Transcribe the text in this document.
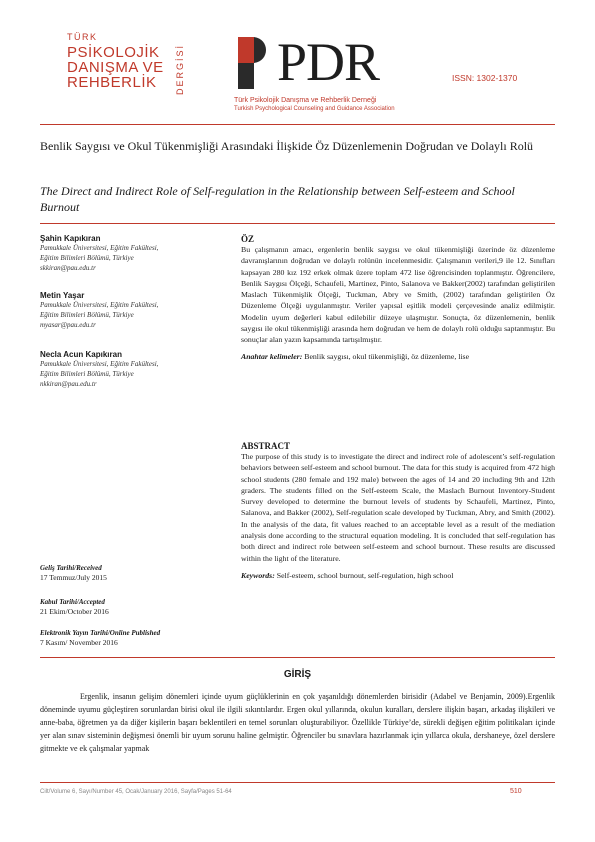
TÜRK
PSİKOLOJİK
DANIŞMA VE
REHBERLİK	DERGİSİ PDR
Türk Psikolojik Danışma ve Rehberlik Derneği
Turkish Psychological Counseling and Guidance Association
ISSN: 1302-1370
Benlik Saygısı ve Okul Tükenmişliği Arasındaki İlişkide Öz Düzenlemenin Doğrudan ve Dolaylı Rolü
The Direct and Indirect Role of Self-regulation in the Relationship between Self-esteem and School Burnout
Şahin Kapıkıran
Pamukkale Üniversitesi, Eğitim Fakültesi,
Eğitim Bilimleri Bölümü, Türkiye
skkiran@pau.edu.tr
Metin Yaşar
Pamukkale Üniversitesi, Eğitim Fakültesi,
Eğitim Bilimleri Bölümü, Türkiye
myasar@pau.edu.tr
Necla Acun Kapıkıran
Pamukkale Üniversitesi, Eğitim Fakültesi,
Eğitim Bilimleri Bölümü, Türkiye
nkkiran@pau.edu.tr
Geliş Tarihi/Received
17 Temmuz/July 2015
Kabul Tarihi/Accepted
21 Ekim/October 2016
Elektronik Yayın Tarihi/Online Published
7 Kasım/ November 2016
ÖZ
Bu çalışmanın amacı, ergenlerin benlik saygısı ve okul tükenmişliği üzerinde öz düzenleme davranışlarının doğrudan ve dolaylı rolünün incelenmesidir. Çalışmanın verileri,9 ile 12. Sınıfları kapsayan 280 kız 192 erkek olmak üzere toplam 472 lise öğrencisinden toplanmıştır. Öğrencilere, Benlik Saygısı Ölçeği, Schaufeli, Martinez, Pinto, Salanova ve Bakker(2002) tarafından geliştirilen Maslach Tükenmişlik Ölçeği, Tuckman, Abry ve Smith, (2002) tarafından geliştirilen Öz Düzenleme Ölçeği uygulanmıştır. Veriler yapısal eşitlik modeli çerçevesinde analiz edilmiştir. Modelin uyum değerleri kabul edilebilir düzeye ulaşmıştır. Sonuçta, öz düzenlemenin, benlik saygısı ile okul tükenmişliği arasında hem doğrudan ve hem de dolaylı rolü olduğu saptanmıştır. Bu sonuçlar alan yazın kapsamında tartışılmıştır.
Anahtar kelimeler: Benlik saygısı, okul tükenmişliği, öz düzenleme, lise
ABSTRACT
The purpose of this study is to investigate the direct and indirect role of adolescent’s self-regulation behaviors between self-esteem and school burnout. The data for this study is acquired from 472 high school students (280 female and 192 male) between the ages of 14 and 20 including 9th and 12th graders. The students filled on the Self-esteem Scale, the Maslach Burnout Inventory-Student Survey developed to determine the burnout levels of students by Schaufeli, Martinez, Pinto, Salanova, and Bakker (2002), Self-regulation scale developed by Tuckman, Abry, and Smith (2002). In the analysis of the data, fit values reached to an acceptable level as a result of the mediation analysis done according to the structural equation modeling. It is concluded that self-regulation has both direct and indirect role between self-esteem and school burnout. These results are discussed within the light of the literature.
Keywords: Self-esteem, school burnout, self-regulation, high school
GİRİŞ
Ergenlik, insanın gelişim dönemleri içinde uyum güçlüklerinin en çok yaşanıldığı dönemlerden birisidir (Adabel ve Benjamin, 2009).Ergenlik döneminde uyumu güçleştiren sorunlardan birisi okul ile ilgili sıkıntılardır. Ergen okul yıllarında, okulun kuralları, derslere ilişkin başarı, arkadaş ilişkileri ve anne-baba, öğretmen ya da diğer kişilerin başarı beklentileri en temel sorunları oluşturabiliyor. Özellikle Türkiye’de, sürekli değişen eğitim politikaları içinde yer alan sınav sisteminin değişmesi önemli bir uyum sorunu haline gelmiştir. Öğrenciler bu sınavlara hazırlanmak için yıllarca okula, dershaneye, özel derslere gitmekte ve ek çalışmalar yapmak
Cilt/Volume 6, Sayı/Number 45, Ocak/January 2016, Sayfa/Pages 51-64	510
